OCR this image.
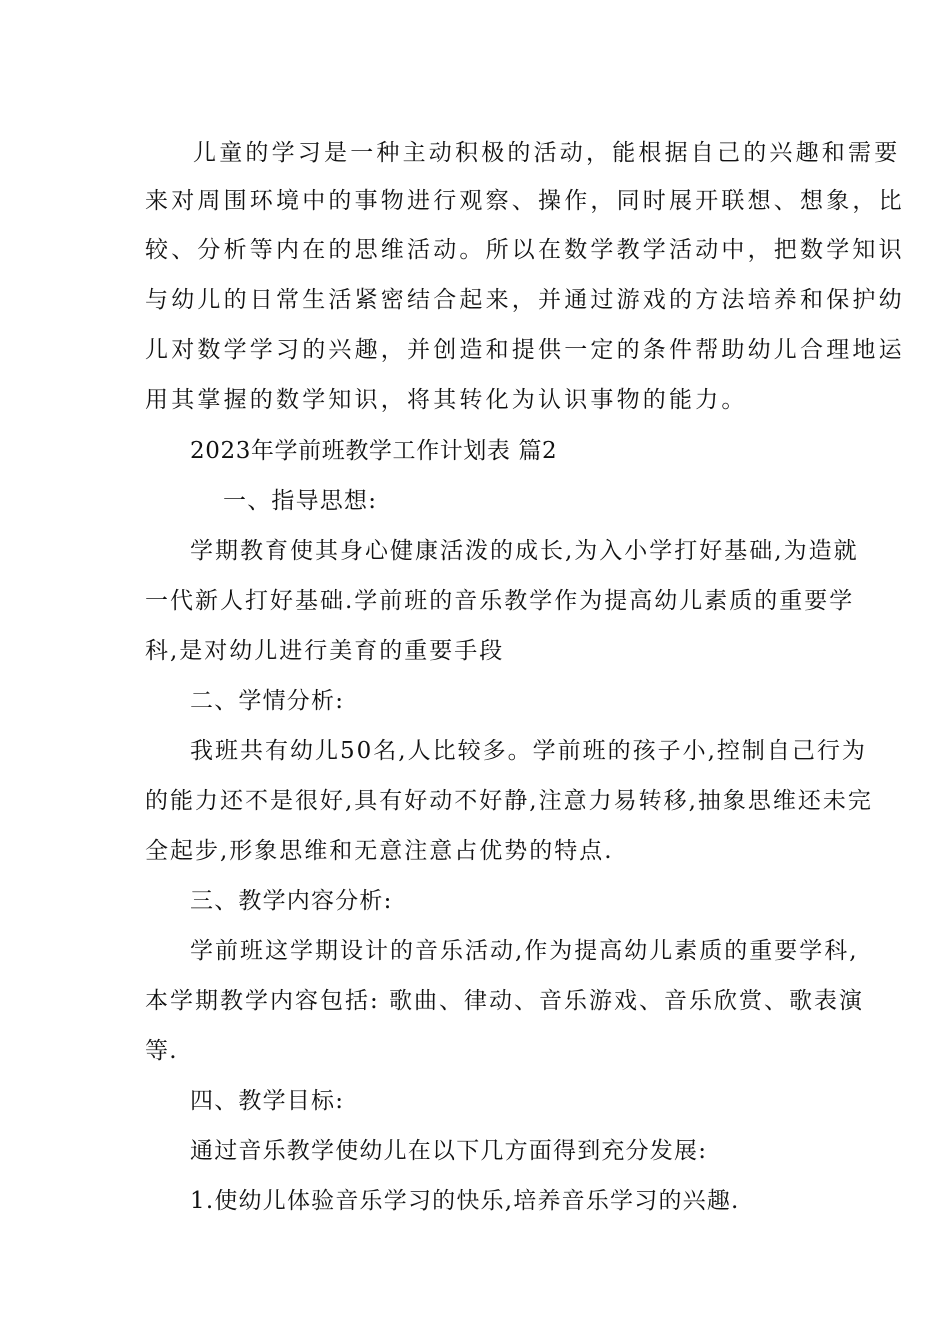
儿童的学习是一种主动积极的活动，能根据自己的兴趣和需要
来对周围环境中的事物进行观察、操作，同时展开联想、想象，比
较、分析等内在的思维活动。所以在数学教学活动中，把数学知识
与幼儿的日常生活紧密结合起来，并通过游戏的方法培养和保护幼
儿对数学学习的兴趣，并创造和提供一定的条件帮助幼儿合理地运
用其掌握的数学知识，将其转化为认识事物的能力。
2023年学前班教学工作计划表 篇2
一、指导思想:
学期教育使其身心健康活泼的成长,为入小学打好基础,为造就
一代新人打好基础.学前班的音乐教学作为提高幼儿素质的重要学
科,是对幼儿进行美育的重要手段
二、学情分析:
我班共有幼儿50名,人比较多。学前班的孩子小,控制自己行为
的能力还不是很好,具有好动不好静,注意力易转移,抽象思维还未完
全起步,形象思维和无意注意占优势的特点.
三、教学内容分析:
学前班这学期设计的音乐活动,作为提高幼儿素质的重要学科,
本学期教学内容包括: 歌曲、律动、音乐游戏、音乐欣赏、歌表演
等.
四、教学目标:
通过音乐教学使幼儿在以下几方面得到充分发展:
1.使幼儿体验音乐学习的快乐,培养音乐学习的兴趣.
